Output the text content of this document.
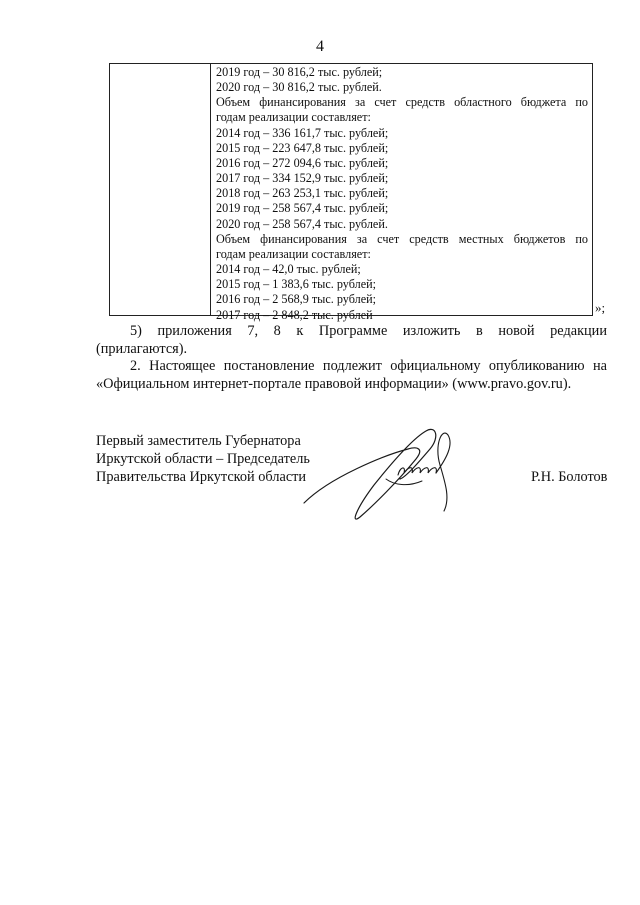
4
2019 год – 30 816,2 тыс. рублей;
2020 год – 30 816,2 тыс. рублей.
Объем финансирования за счет средств областного бюджета по
годам реализации составляет:
2014 год – 336 161,7 тыс. рублей;
2015 год – 223 647,8 тыс. рублей;
2016 год – 272 094,6 тыс. рублей;
2017 год – 334 152,9 тыс. рублей;
2018 год – 263 253,1 тыс. рублей;
2019 год – 258 567,4 тыс. рублей;
2020 год – 258 567,4 тыс. рублей.
Объем финансирования за счет средств местных бюджетов по
годам реализации составляет:
2014 год – 42,0 тыс. рублей;
2015 год – 1 383,6 тыс. рублей;
2016 год – 2 568,9 тыс. рублей;
2017 год – 2 848,2 тыс. рублей	»;
5) приложения 7, 8 к Программе изложить в новой редакции
(прилагаются).
2. Настоящее постановление подлежит официальному опубликованию на
«Официальном интернет-портале правовой информации» (www.pravo.gov.ru).
Первый заместитель Губернатора
Иркутской области – Председатель
Правительства Иркутской области	Р.Н. Болотов
